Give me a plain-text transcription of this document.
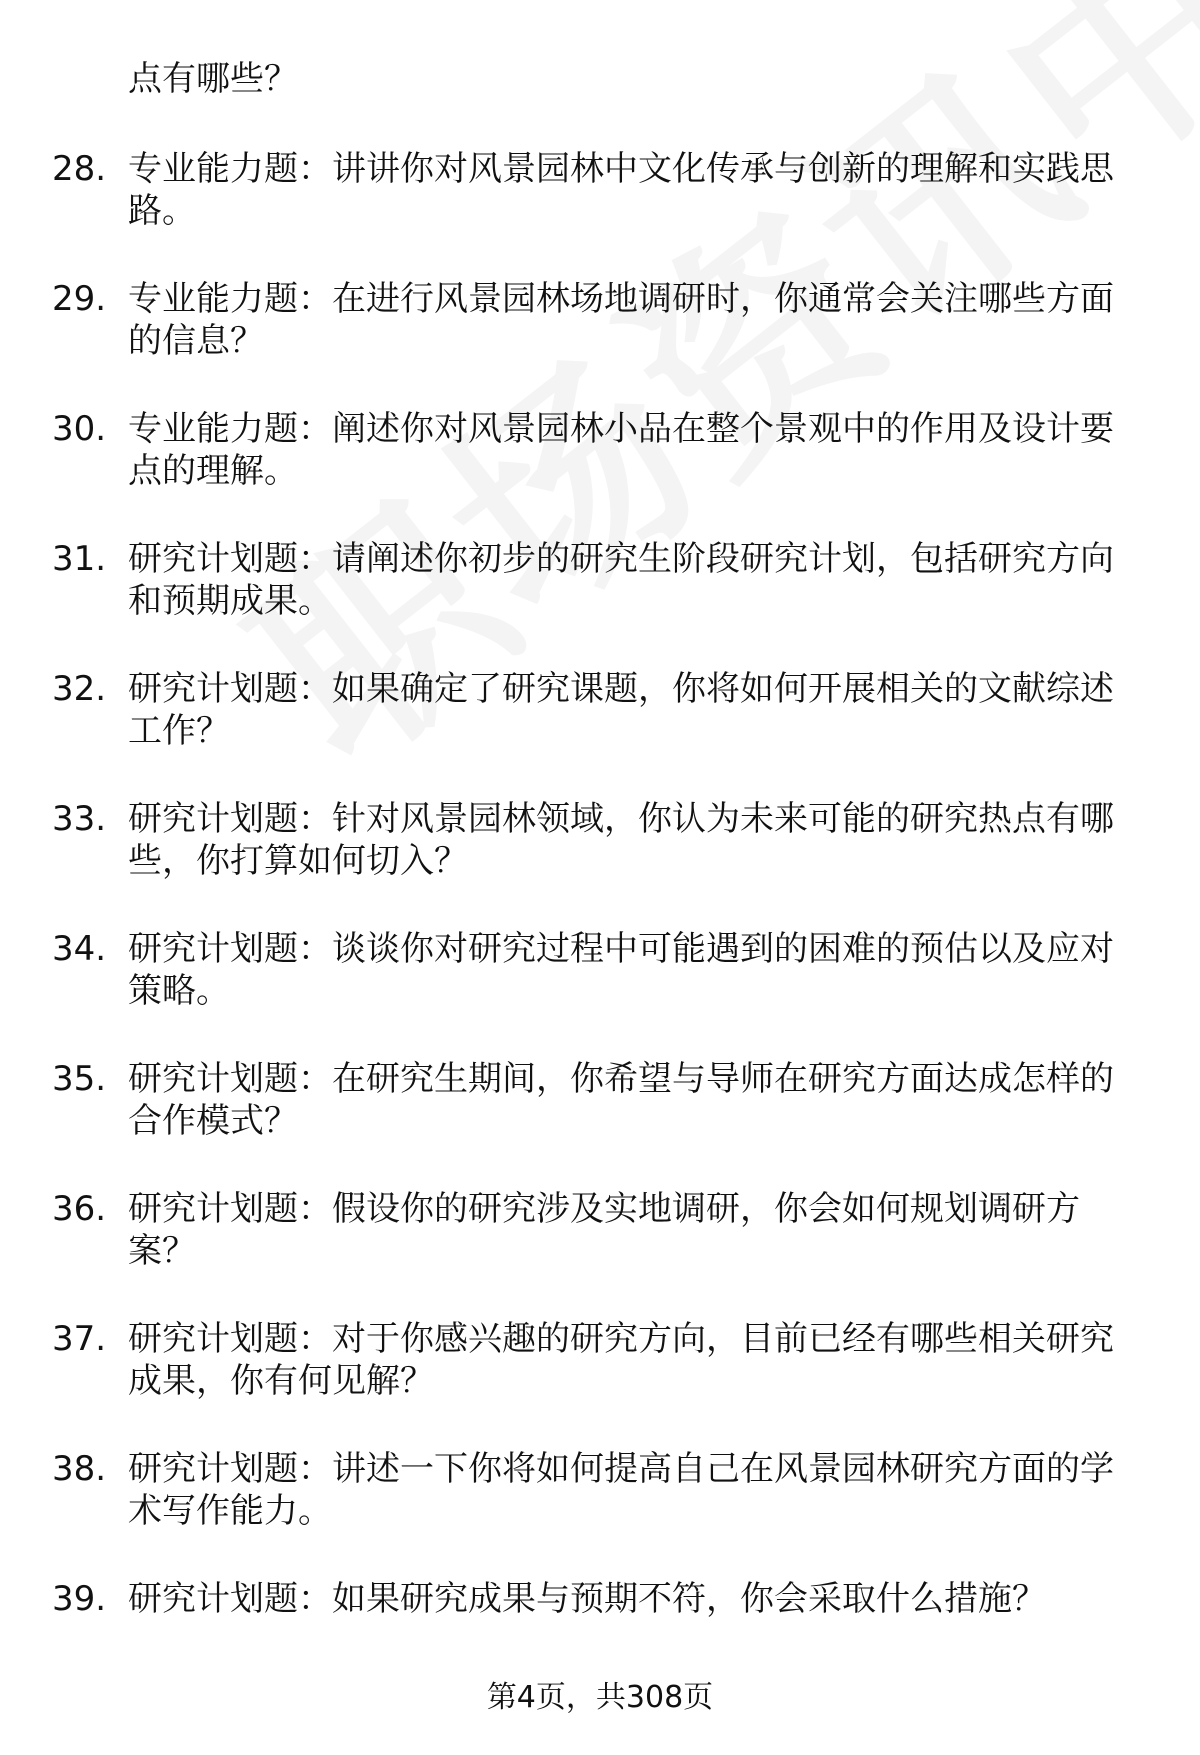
点有哪些？
28. 专业能力题：讲讲你对风景园林中文化传承与创新的理解和实践思路。
29. 专业能力题：在进行风景园林场地调研时，你通常会关注哪些方面的信息？
30. 专业能力题：阐述你对风景园林小品在整个景观中的作用及设计要点的理解。
31. 研究计划题：请阐述你初步的研究生阶段研究计划，包括研究方向和预期成果。
32. 研究计划题：如果确定了研究课题，你将如何开展相关的文献综述工作？
33. 研究计划题：针对风景园林领域，你认为未来可能的研究热点有哪些，你打算如何切入？
34. 研究计划题：谈谈你对研究过程中可能遇到的困难的预估以及应对策略。
35. 研究计划题：在研究生期间，你希望与导师在研究方面达成怎样的合作模式？
36. 研究计划题：假设你的研究涉及实地调研，你会如何规划调研方案？
37. 研究计划题：对于你感兴趣的研究方向，目前已经有哪些相关研究成果，你有何见解？
38. 研究计划题：讲述一下你将如何提高自己在风景园林研究方面的学术写作能力。
39. 研究计划题：如果研究成果与预期不符，你会采取什么措施？
第4页，共308页
